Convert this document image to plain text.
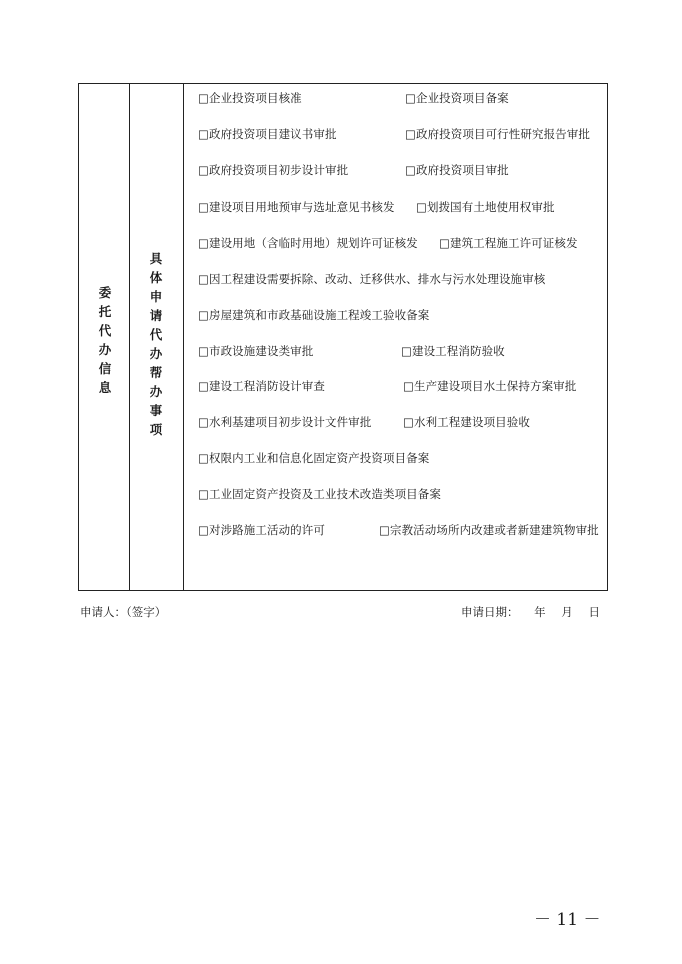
委托代办信息
具体申请代办帮办事项
□企业投资项目核准	□企业投资项目备案
□政府投资项目建议书审批	□政府投资项目可行性研究报告审批
□政府投资项目初步设计审批	□政府投资项目审批
□建设项目用地预审与选址意见书核发 □划拨国有土地使用权审批
□建设用地（含临时用地）规划许可证核发 □建筑工程施工许可证核发
□因工程建设需要拆除、改动、迁移供水、排水与污水处理设施审核
□房屋建筑和市政基础设施工程竣工验收备案
□市政设施建设类审批	□建设工程消防验收
□建设工程消防设计审查	□生产建设项目水土保持方案审批
□水利基建项目初步设计文件审批	□水利工程建设项目验收
□权限内工业和信息化固定资产投资项目备案
□工业固定资产投资及工业技术改造类项目备案
□对涉路施工活动的许可	□宗教活动场所内改建或者新建建筑物审批
申请人：（签字）	申请日期： 年 月 日
－ 11 －
